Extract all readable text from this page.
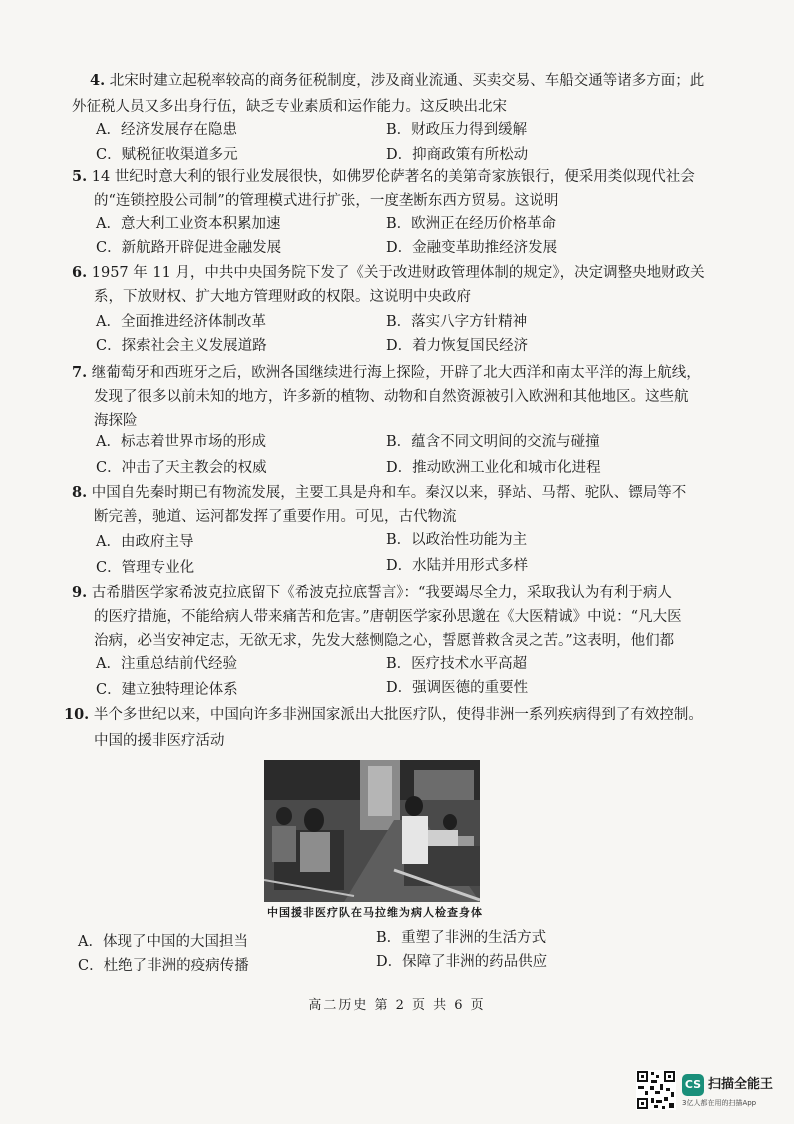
4. 北宋时建立起税率较高的商务征税制度，涉及商业流通、买卖交易、车船交通等诸多方面；此
外征税人员又多出身行伍，缺乏专业素质和运作能力。这反映出北宋
A．经济发展存在隐患	B．财政压力得到缓解
C．赋税征收渠道多元	D．抑商政策有所松动
5. 14 世纪时意大利的银行业发展很快，如佛罗伦萨著名的美第奇家族银行，便采用类似现代社会
的“连锁控股公司制”的管理模式进行扩张，一度垄断东西方贸易。这说明
A．意大利工业资本积累加速	B．欧洲正在经历价格革命
C．新航路开辟促进金融发展	D．金融变革助推经济发展
6. 1957 年 11 月，中共中央国务院下发了《关于改进财政管理体制的规定》，决定调整央地财政关
系，下放财权、扩大地方管理财政的权限。这说明中央政府
A．全面推进经济体制改革	B．落实八字方针精神
C．探索社会主义发展道路	D．着力恢复国民经济
7. 继葡萄牙和西班牙之后，欧洲各国继续进行海上探险，开辟了北大西洋和南太平洋的海上航线，
发现了很多以前未知的地方，许多新的植物、动物和自然资源被引入欧洲和其他地区。这些航
海探险
A．标志着世界市场的形成	B．蕴含不同文明间的交流与碰撞
C．冲击了天主教会的权威	D．推动欧洲工业化和城市化进程
8. 中国自先秦时期已有物流发展，主要工具是舟和车。秦汉以来，驿站、马帮、驼队、镖局等不
断完善，驰道、运河都发挥了重要作用。可见，古代物流
A．由政府主导	B．以政治性功能为主
C．管理专业化	D．水陆并用形式多样
9. 古希腊医学家希波克拉底留下《希波克拉底誓言》：“我要竭尽全力，采取我认为有利于病人
的医疗措施，不能给病人带来痛苦和危害。”唐朝医学家孙思邈在《大医精诚》中说：“凡大医
治病，必当安神定志，无欲无求，先发大慈恻隐之心，誓愿普救含灵之苦。”这表明，他们都
A．注重总结前代经验	B．医疗技术水平高超
C．建立独特理论体系	D．强调医德的重要性
10. 半个多世纪以来，中国向许多非洲国家派出大批医疗队，使得非洲一系列疾病得到了有效控制。
中国的援非医疗活动
中国援非医疗队在马拉维为病人检查身体
A．体现了中国的大国担当	B．重塑了非洲的生活方式
C．杜绝了非洲的疫病传播	D．保障了非洲的药品供应
高二历史 第 2 页 共 6 页
CS 扫描全能王
3亿人都在用的扫描App
